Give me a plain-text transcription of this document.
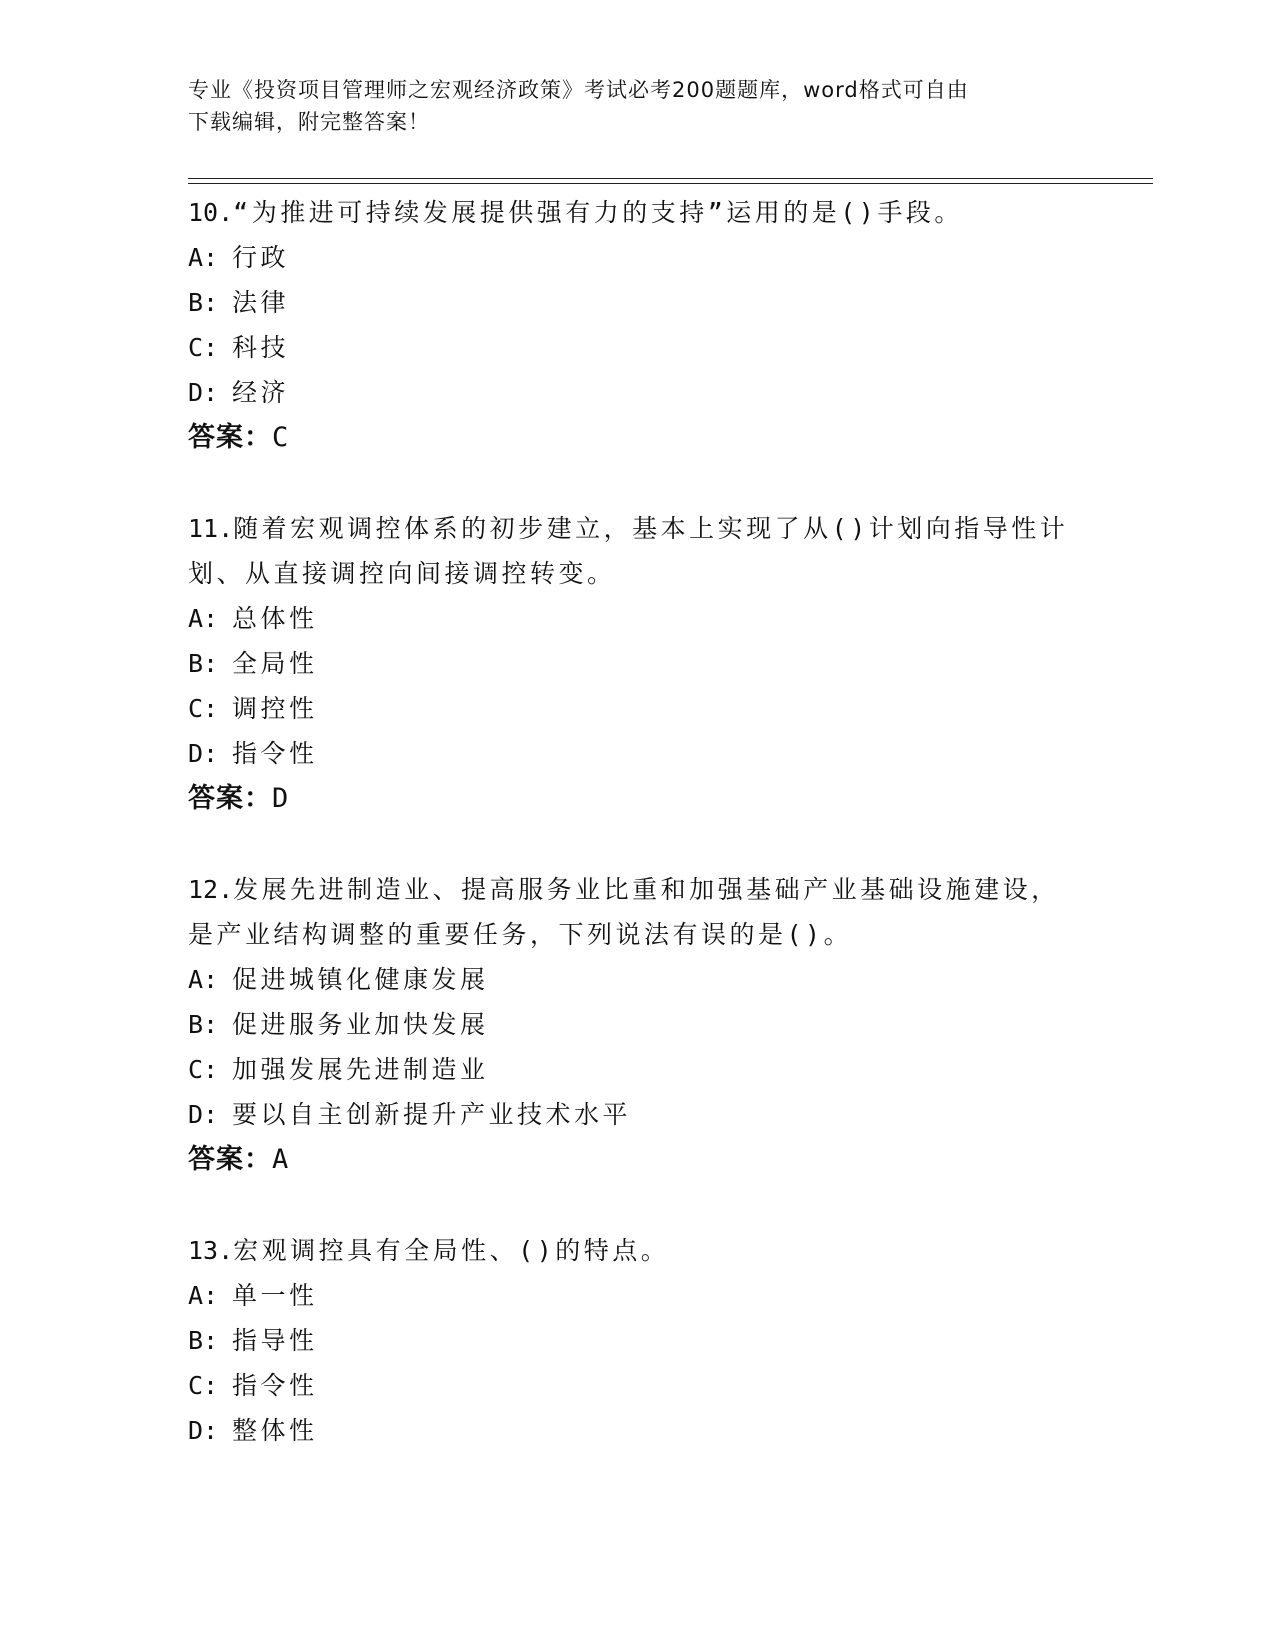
专业《投资项目管理师之宏观经济政策》考试必考200题题库，word格式可自由
下载编辑，附完整答案！
10.“为推进可持续发展提供强有力的支持”运用的是()手段。
A: 行政
B: 法律
C: 科技
D: 经济
答案：C
11.随着宏观调控体系的初步建立，基本上实现了从()计划向指导性计
划、从直接调控向间接调控转变。
A: 总体性
B: 全局性
C: 调控性
D: 指令性
答案：D
12.发展先进制造业、提高服务业比重和加强基础产业基础设施建设，
是产业结构调整的重要任务，下列说法有误的是()。
A: 促进城镇化健康发展
B: 促进服务业加快发展
C: 加强发展先进制造业
D: 要以自主创新提升产业技术水平
答案：A
13.宏观调控具有全局性、()的特点。
A: 单一性
B: 指导性
C: 指令性
D: 整体性
